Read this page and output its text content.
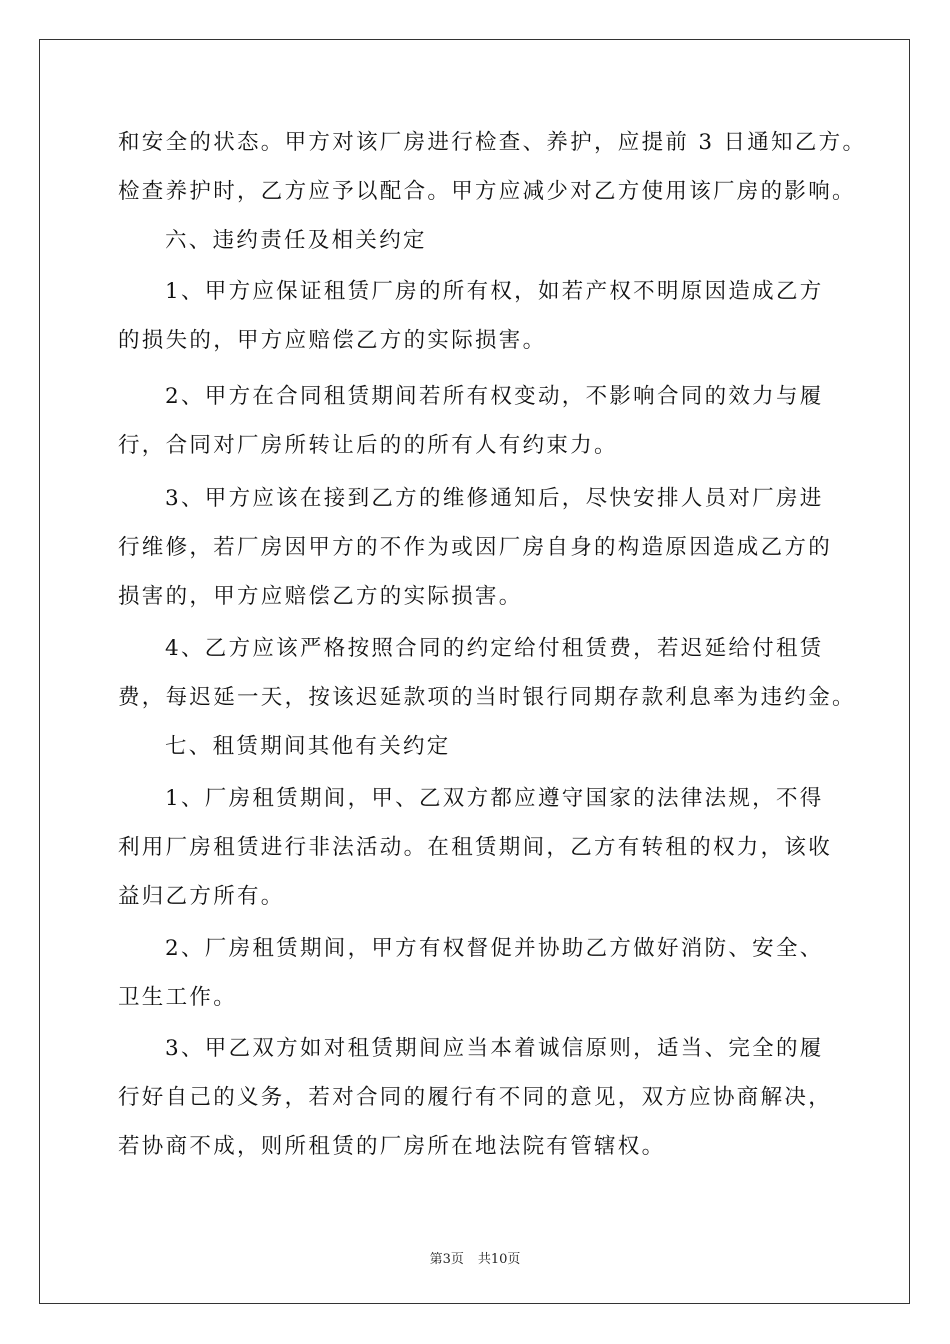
和安全的状态。甲方对该厂房进行检查、养护，应提前 3 日通知乙方。
检查养护时，乙方应予以配合。甲方应减少对乙方使用该厂房的影响。
六、违约责任及相关约定
1、甲方应保证租赁厂房的所有权，如若产权不明原因造成乙方
的损失的，甲方应赔偿乙方的实际损害。
2、甲方在合同租赁期间若所有权变动，不影响合同的效力与履
行，合同对厂房所转让后的的所有人有约束力。
3、甲方应该在接到乙方的维修通知后，尽快安排人员对厂房进
行维修，若厂房因甲方的不作为或因厂房自身的构造原因造成乙方的
损害的，甲方应赔偿乙方的实际损害。
4、乙方应该严格按照合同的约定给付租赁费，若迟延给付租赁
费，每迟延一天，按该迟延款项的当时银行同期存款利息率为违约金。
七、租赁期间其他有关约定
1、厂房租赁期间，甲、乙双方都应遵守国家的法律法规，不得
利用厂房租赁进行非法活动。在租赁期间，乙方有转租的权力，该收
益归乙方所有。
2、厂房租赁期间，甲方有权督促并协助乙方做好消防、安全、
卫生工作。
3、甲乙双方如对租赁期间应当本着诚信原则，适当、完全的履
行好自己的义务，若对合同的履行有不同的意见，双方应协商解决，
若协商不成，则所租赁的厂房所在地法院有管辖权。
第3页 共10页
